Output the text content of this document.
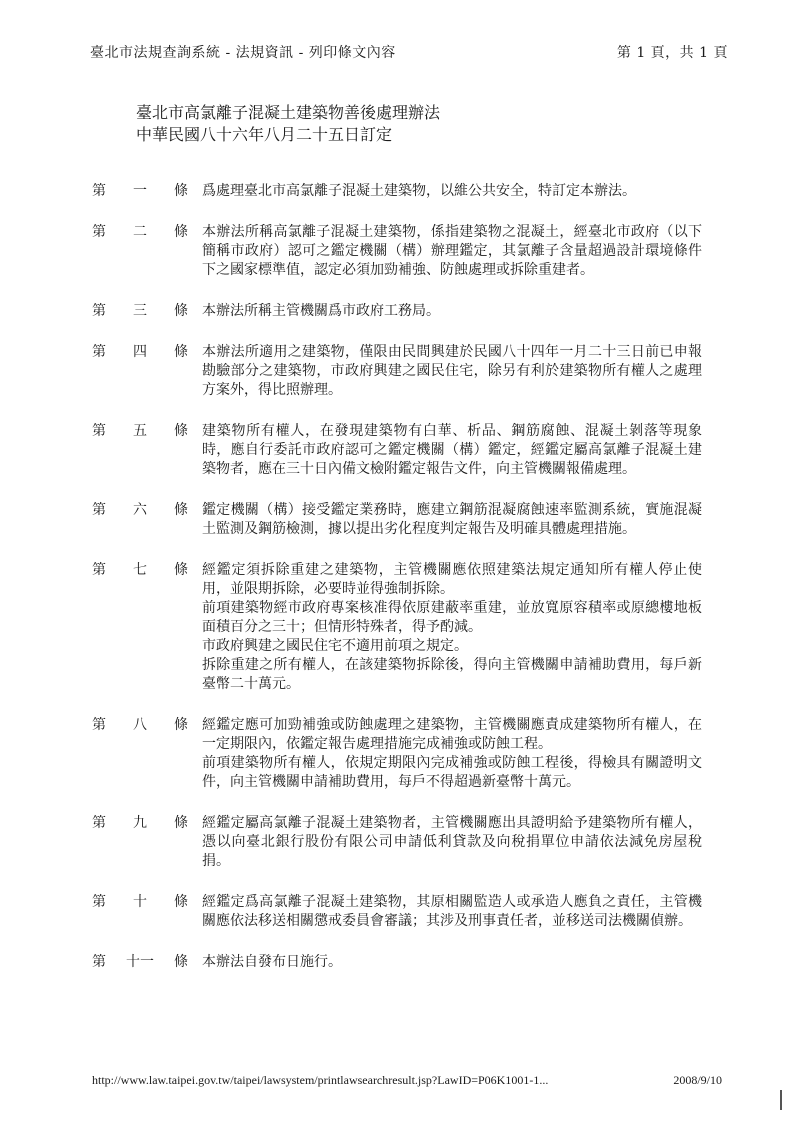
臺北市法規查詢系統 - 法規資訊 - 列印條文內容	第 1 頁，共 1 頁
臺北市高氯離子混凝土建築物善後處理辦法
中華民國八十六年八月二十五日訂定
第 一 條 爲處理臺北市高氯離子混凝土建築物，以維公共安全，特訂定本辦法。

第 二 條 本辦法所稱高氯離子混凝土建築物，係指建築物之混凝土，經臺北市政府（以下簡稱市政府）認可之鑑定機關（構）辦理鑑定，其氯離子含量超過設計環境條件下之國家標準值，認定必須加勁補強、防蝕處理或拆除重建者。

第 三 條 本辦法所稱主管機關爲市政府工務局。

第 四 條 本辦法所適用之建築物，僅限由民間興建於民國八十四年一月二十三日前已申報勘驗部分之建築物，市政府興建之國民住宅，除另有利於建築物所有權人之處理方案外，得比照辦理。

第 五 條 建築物所有權人，在發現建築物有白華、析品、鋼筋腐蝕、混凝土剝落等現象時，應自行委託市政府認可之鑑定機關（構）鑑定，經鑑定屬高氯離子混凝土建築物者，應在三十日內備文檢附鑑定報告文件，向主管機關報備處理。

第 六 條 鑑定機關（構）接受鑑定業務時，應建立鋼筋混凝腐蝕速率監測系統，實施混凝土監測及鋼筋檢測，據以提出劣化程度判定報告及明確具體處理措施。

第 七 條 經鑑定須拆除重建之建築物，主管機關應依照建築法規定通知所有權人停止使用，並限期拆除，必要時並得強制拆除。

前項建築物經市政府專案核准得依原建蔽率重建，並放寬原容積率或原總樓地板面積百分之三十；但情形特殊者，得予酌減。

市政府興建之國民住宅不適用前項之規定。

拆除重建之所有權人，在該建築物拆除後，得向主管機關申請補助費用，每戶新臺幣二十萬元。

第 八 條 經鑑定應可加勁補強或防蝕處理之建築物，主管機關應責成建築物所有權人，在一定期限內，依鑑定報告處理措施完成補強或防蝕工程。

前項建築物所有權人，依規定期限內完成補強或防蝕工程後，得檢具有關證明文件，向主管機關申請補助費用，每戶不得超過新臺幣十萬元。

第 九 條 經鑑定屬高氯離子混凝土建築物者，主管機關應出具證明給予建築物所有權人，憑以向臺北銀行股份有限公司申請低利貸款及向稅捐單位申請依法減免房屋稅捐。

第 十 條 經鑑定爲高氯離子混凝土建築物，其原相關監造人或承造人應負之責任，主管機關應依法移送相關懲戒委員會審議；其涉及刑事責任者，並移送司法機關偵辦。

第 十一 條 本辦法自發布日施行。

http://www.law.taipei.gov.tw/taipei/lawsystem/printlawsearchresult.jsp?LawID=P06K1001-1...	2008/9/10
